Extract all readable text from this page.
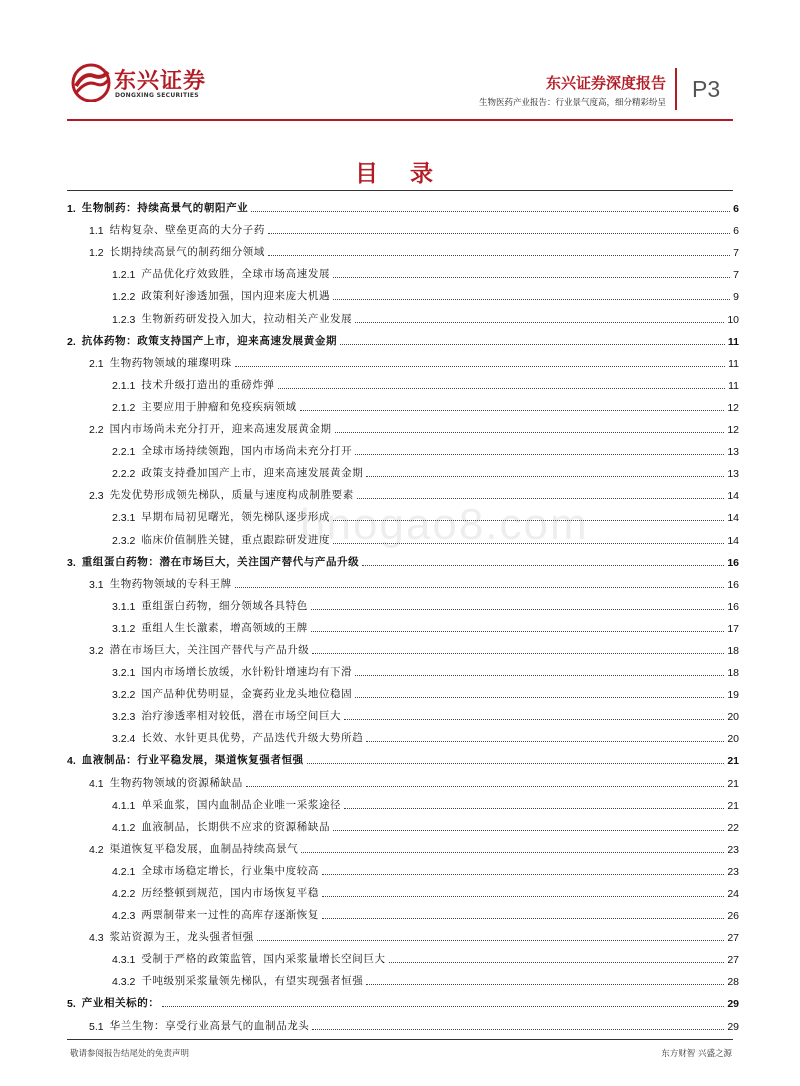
东兴证券
DONGXING SECURITIES
东兴证券深度报告
生物医药产业报告：行业景气度高，细分精彩纷呈
P3
目 录
1. 生物制药：持续高景气的朝阳产业	6
1.1 结构复杂、壁垒更高的大分子药	6
1.2 长期持续高景气的制药细分领域	7
1.2.1 产品优化疗效致胜，全球市场高速发展	7
1.2.2 政策利好渗透加强，国内迎来庞大机遇	9
1.2.3 生物新药研发投入加大，拉动相关产业发展	10
2. 抗体药物：政策支持国产上市，迎来高速发展黄金期	11
2.1 生物药物领域的璀璨明珠	11
2.1.1 技术升级打造出的重磅炸弹	11
2.1.2 主要应用于肿瘤和免疫疾病领域	12
2.2 国内市场尚未充分打开，迎来高速发展黄金期	12
2.2.1 全球市场持续领跑，国内市场尚未充分打开	13
2.2.2 政策支持叠加国产上市，迎来高速发展黄金期	13
2.3 先发优势形成领先梯队，质量与速度构成制胜要素	14
2.3.1 早期布局初见曙光，领先梯队逐步形成	14
2.3.2 临床价值制胜关键，重点跟踪研发进度	14
3. 重组蛋白药物：潜在市场巨大，关注国产替代与产品升级	16
3.1 生物药物领域的专科王牌	16
3.1.1 重组蛋白药物，细分领域各具特色	16
3.1.2 重组人生长激素，增高领域的王牌	17
3.2 潜在市场巨大，关注国产替代与产品升级	18
3.2.1 国内市场增长放缓，水针粉针增速均有下滑	18
3.2.2 国产品种优势明显，金赛药业龙头地位稳固	19
3.2.3 治疗渗透率相对较低，潜在市场空间巨大	20
3.2.4 长效、水针更具优势，产品迭代升级大势所趋	20
4. 血液制品：行业平稳发展，渠道恢复强者恒强	21
4.1 生物药物领域的资源稀缺品	21
4.1.1 单采血浆，国内血制品企业唯一采浆途径	21
4.1.2 血液制品，长期供不应求的资源稀缺品	22
4.2 渠道恢复平稳发展，血制品持续高景气	23
4.2.1 全球市场稳定增长，行业集中度较高	23
4.2.2 历经整顿到规范，国内市场恢复平稳	24
4.2.3 两票制带来一过性的高库存逐渐恢复	26
4.3 浆站资源为王，龙头强者恒强	27
4.3.1 受制于严格的政策监管，国内采浆量增长空间巨大	27
4.3.2 千吨级别采浆量领先梯队，有望实现强者恒强	28
5. 产业相关标的：	29
5.1 华兰生物：享受行业高景气的血制品龙头	29
bnogao8.com
敬请参阅报告结尾处的免责声明	东方财智 兴盛之源
